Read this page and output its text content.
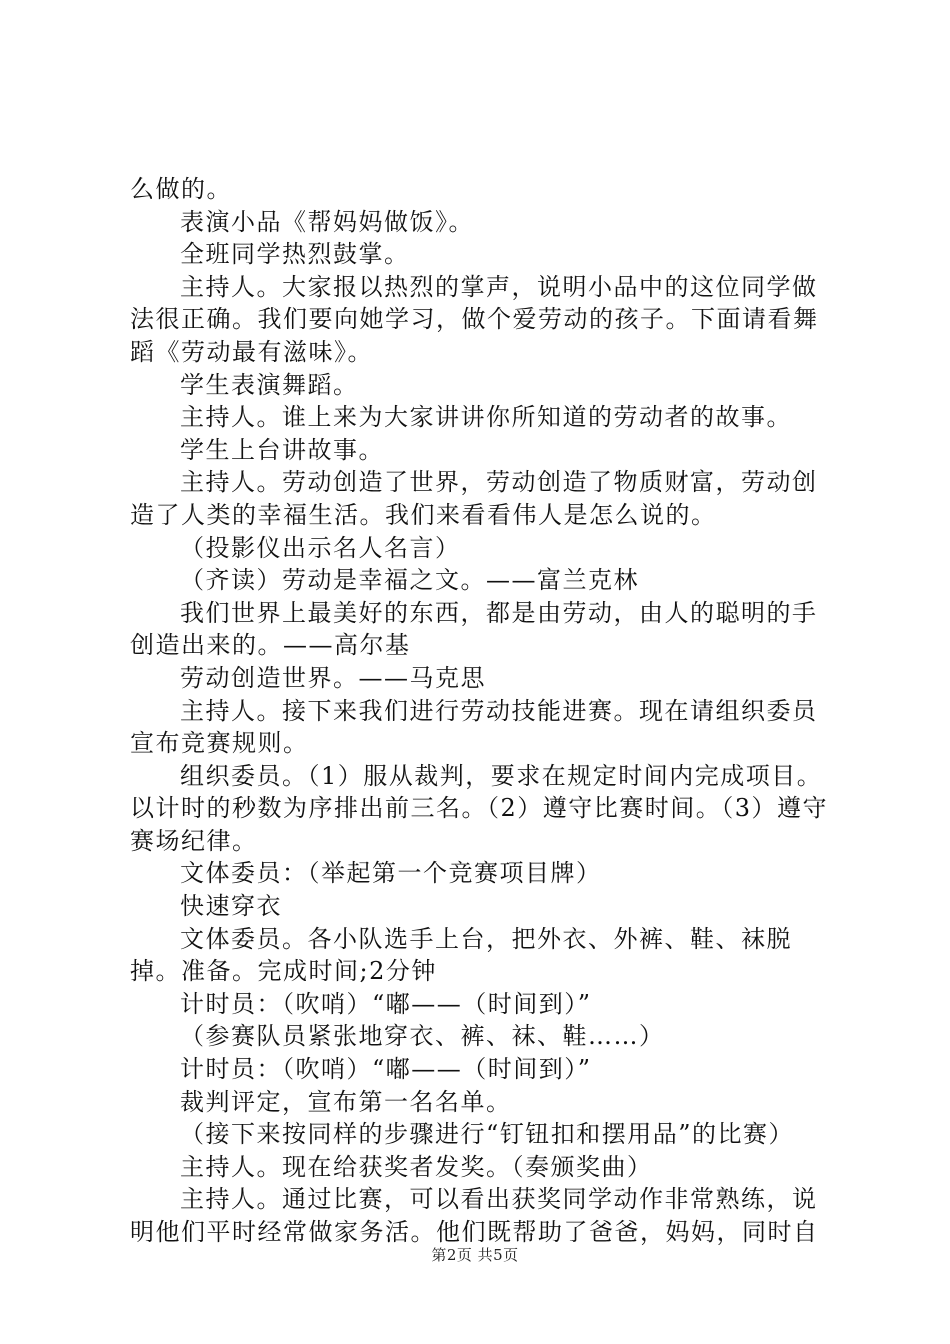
么做的。

表演小品《帮妈妈做饭》。

全班同学热烈鼓掌。

主持人。大家报以热烈的掌声，说明小品中的这位同学做法很正确。我们要向她学习，做个爱劳动的孩子。下面请看舞蹈《劳动最有滋味》。

学生表演舞蹈。

主持人。谁上来为大家讲讲你所知道的劳动者的故事。

学生上台讲故事。

主持人。劳动创造了世界，劳动创造了物质财富，劳动创造了人类的幸福生活。我们来看看伟人是怎么说的。

（投影仪出示名人名言）

（齐读）劳动是幸福之文。——富兰克林

我们世界上最美好的东西，都是由劳动，由人的聪明的手创造出来的。——高尔基

劳动创造世界。——马克思

主持人。接下来我们进行劳动技能进赛。现在请组织委员宣布竞赛规则。

组织委员。（1）服从裁判，要求在规定时间内完成项目。以计时的秒数为序排出前三名。（2）遵守比赛时间。（3）遵守赛场纪律。

文体委员：（举起第一个竞赛项目牌）

快速穿衣

文体委员。各小队选手上台，把外衣、外裤、鞋、袜脱掉。准备。完成时间;2分钟

计时员：（吹哨）“嘟——（时间到）”

（参赛队员紧张地穿衣、裤、袜、鞋……）

计时员：（吹哨）“嘟——（时间到）”

裁判评定，宣布第一名名单。

（接下来按同样的步骤进行“钉钮扣和摆用品”的比赛）

主持人。现在给获奖者发奖。（奏颁奖曲）

主持人。通过比赛，可以看出获奖同学动作非常熟练，说明他们平时经常做家务活。他们既帮助了爸爸，妈妈，同时自

第2页 共5页
